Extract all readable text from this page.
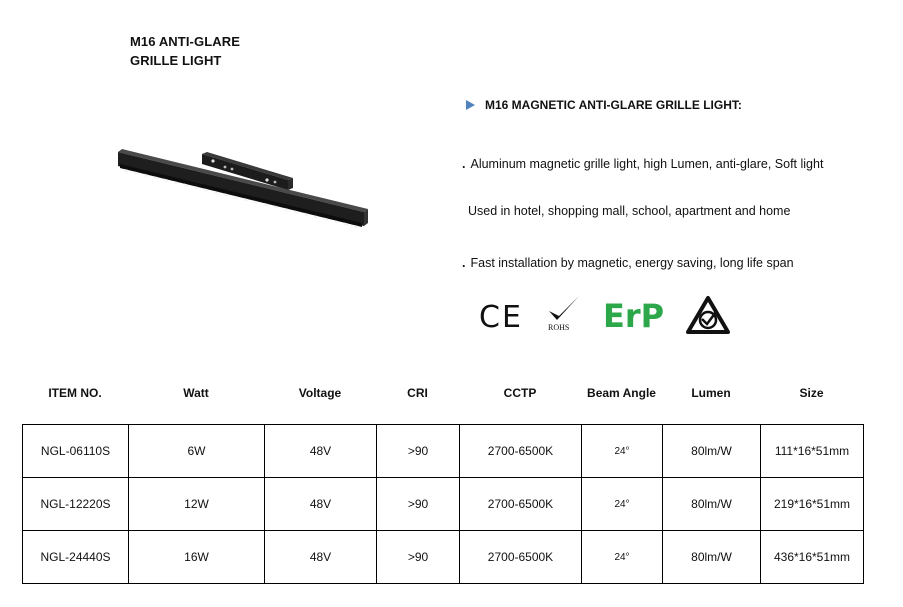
M16 ANTI-GLARE
GRILLE LIGHT
M16 MAGNETIC ANTI-GLARE GRILLE LIGHT:
. Aluminum magnetic grille light, high Lumen, anti-glare, Soft light
Used in hotel, shopping mall, school, apartment and home
. Fast installation by magnetic, energy saving, long life span
CE	ROHS ErP
ITEM NO.	Watt	Voltage	CRI	CCTP	Beam Angle	Lumen	Size
NGL-06110S	6W	48V	>90	2700-6500K	24°	80lm/W	111*16*51mm
NGL-12220S	12W	48V	>90	2700-6500K	24°	80lm/W	219*16*51mm
NGL-24440S	16W	48V	>90	2700-6500K	24°	80lm/W	436*16*51mm
